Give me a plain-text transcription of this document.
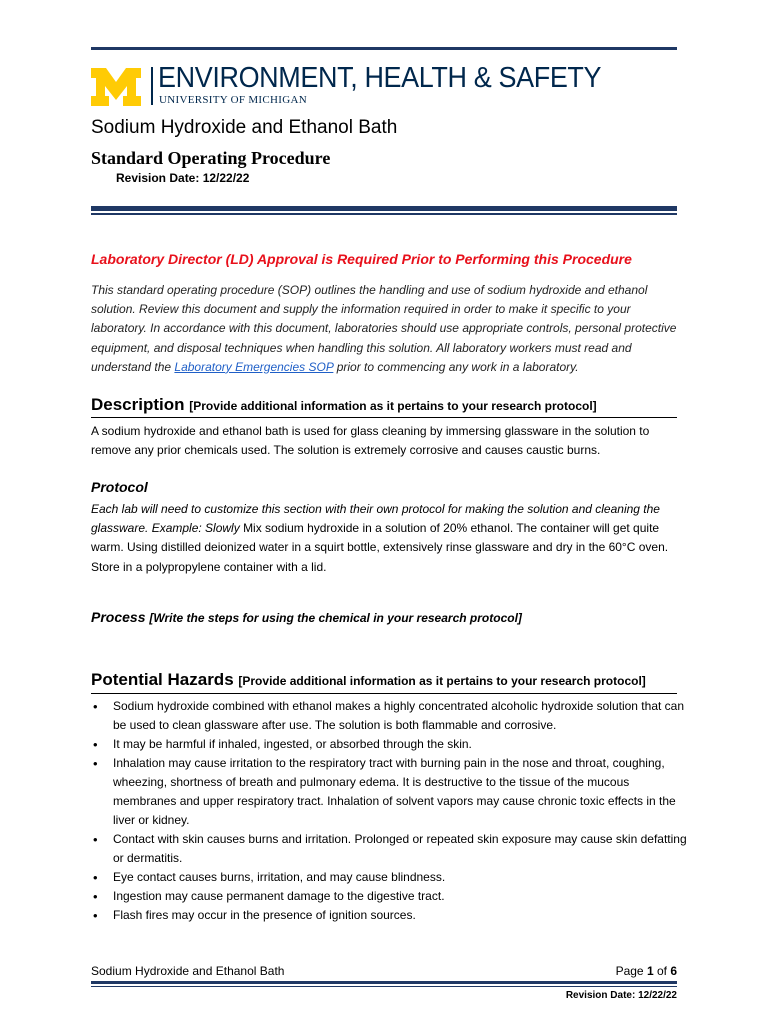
ENVIRONMENT, HEALTH & SAFETY
UNIVERSITY OF MICHIGAN
Sodium Hydroxide and Ethanol Bath
Standard Operating Procedure
Revision Date: 12/22/22
Laboratory Director (LD) Approval is Required Prior to Performing this Procedure
This standard operating procedure (SOP) outlines the handling and use of sodium hydroxide and ethanol solution. Review this document and supply the information required in order to make it specific to your laboratory. In accordance with this document, laboratories should use appropriate controls, personal protective equipment, and disposal techniques when handling this solution. All laboratory workers must read and understand the Laboratory Emergencies SOP prior to commencing any work in a laboratory.
Description [Provide additional information as it pertains to your research protocol]
A sodium hydroxide and ethanol bath is used for glass cleaning by immersing glassware in the solution to remove any prior chemicals used. The solution is extremely corrosive and causes caustic burns.
Protocol
Each lab will need to customize this section with their own protocol for making the solution and cleaning the glassware. Example: Slowly Mix sodium hydroxide in a solution of 20% ethanol. The container will get quite warm. Using distilled deionized water in a squirt bottle, extensively rinse glassware and dry in the 60°C oven. Store in a polypropylene container with a lid.
Process [Write the steps for using the chemical in your research protocol]
Potential Hazards [Provide additional information as it pertains to your research protocol]
• Sodium hydroxide combined with ethanol makes a highly concentrated alcoholic hydroxide solution that can be used to clean glassware after use. The solution is both flammable and corrosive.
• It may be harmful if inhaled, ingested, or absorbed through the skin.
• Inhalation may cause irritation to the respiratory tract with burning pain in the nose and throat, coughing, wheezing, shortness of breath and pulmonary edema. It is destructive to the tissue of the mucous membranes and upper respiratory tract. Inhalation of solvent vapors may cause chronic toxic effects in the liver or kidney.
• Contact with skin causes burns and irritation. Prolonged or repeated skin exposure may cause skin defatting or dermatitis.
• Eye contact causes burns, irritation, and may cause blindness.
• Ingestion may cause permanent damage to the digestive tract.
• Flash fires may occur in the presence of ignition sources.
Sodium Hydroxide and Ethanol Bath	Page 1 of 6
Revision Date: 12/22/22
